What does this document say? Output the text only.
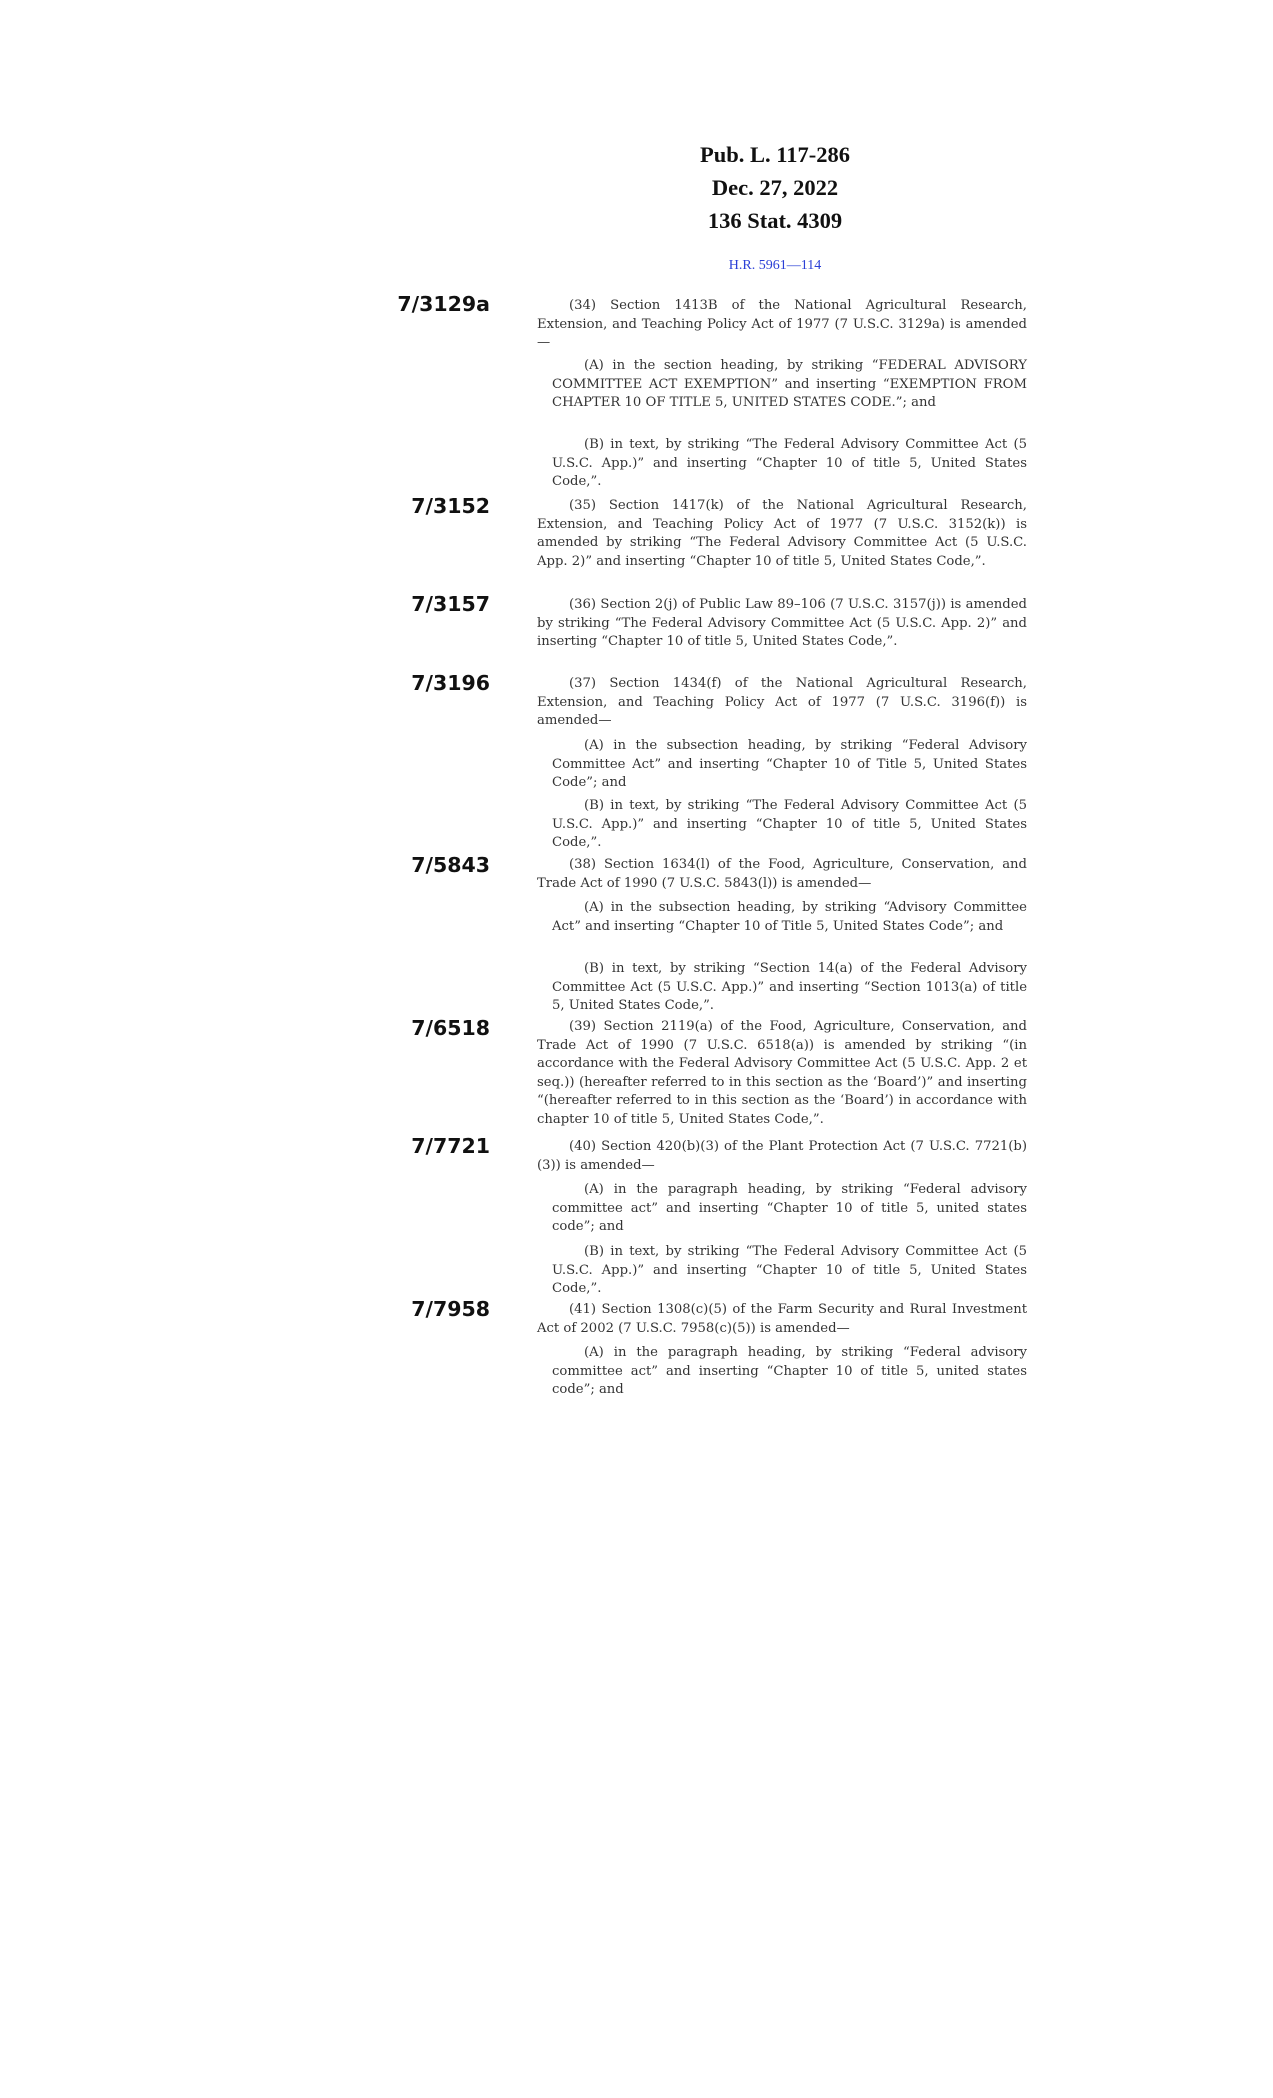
Pub. L. 117-286
Dec. 27, 2022
136 Stat. 4309
H.R. 5961—114
7/3129a	(34) Section 1413B of the National Agricultural Research, Extension, and Teaching Policy Act of 1977 (7 U.S.C. 3129a) is amended—

(A) in the section heading, by striking “FEDERAL ADVISORY COMMITTEE ACT EXEMPTION” and inserting “EXEMPTION FROM CHAPTER 10 OF TITLE 5, UNITED STATES CODE.”; and

(B) in text, by striking “The Federal Advisory Committee Act (5 U.S.C. App.)” and inserting “Chapter 10 of title 5, United States Code,”.

7/3152	(35) Section 1417(k) of the National Agricultural Research, Extension, and Teaching Policy Act of 1977 (7 U.S.C. 3152(k)) is amended by striking “The Federal Advisory Committee Act (5 U.S.C. App. 2)” and inserting “Chapter 10 of title 5, United States Code,”.

7/3157	(36) Section 2(j) of Public Law 89–106 (7 U.S.C. 3157(j)) is amended by striking “The Federal Advisory Committee Act (5 U.S.C. App. 2)” and inserting “Chapter 10 of title 5, United States Code,”.

7/3196	(37) Section 1434(f) of the National Agricultural Research, Extension, and Teaching Policy Act of 1977 (7 U.S.C. 3196(f)) is amended—

(A) in the subsection heading, by striking “Federal Advisory Committee Act” and inserting “Chapter 10 of Title 5, United States Code”; and

(B) in text, by striking “The Federal Advisory Committee Act (5 U.S.C. App.)” and inserting “Chapter 10 of title 5, United States Code,”.

7/5843	(38) Section 1634(l) of the Food, Agriculture, Conservation, and Trade Act of 1990 (7 U.S.C. 5843(l)) is amended—

(A) in the subsection heading, by striking “Advisory Committee Act” and inserting “Chapter 10 of Title 5, United States Code”; and

(B) in text, by striking “Section 14(a) of the Federal Advisory Committee Act (5 U.S.C. App.)” and inserting “Section 1013(a) of title 5, United States Code,”.

7/6518	(39) Section 2119(a) of the Food, Agriculture, Conservation, and Trade Act of 1990 (7 U.S.C. 6518(a)) is amended by striking “(in accordance with the Federal Advisory Committee Act (5 U.S.C. App. 2 et seq.)) (hereafter referred to in this section as the ‘Board’)” and inserting “(hereafter referred to in this section as the ‘Board’) in accordance with chapter 10 of title 5, United States Code,”.

7/7721	(40) Section 420(b)(3) of the Plant Protection Act (7 U.S.C. 7721(b)(3)) is amended—

(A) in the paragraph heading, by striking “Federal advisory committee act” and inserting “Chapter 10 of title 5, united states code”; and

(B) in text, by striking “The Federal Advisory Committee Act (5 U.S.C. App.)” and inserting “Chapter 10 of title 5, United States Code,”.

7/7958	(41) Section 1308(c)(5) of the Farm Security and Rural Investment Act of 2002 (7 U.S.C. 7958(c)(5)) is amended—

(A) in the paragraph heading, by striking “Federal advisory committee act” and inserting “Chapter 10 of title 5, united states code”; and
